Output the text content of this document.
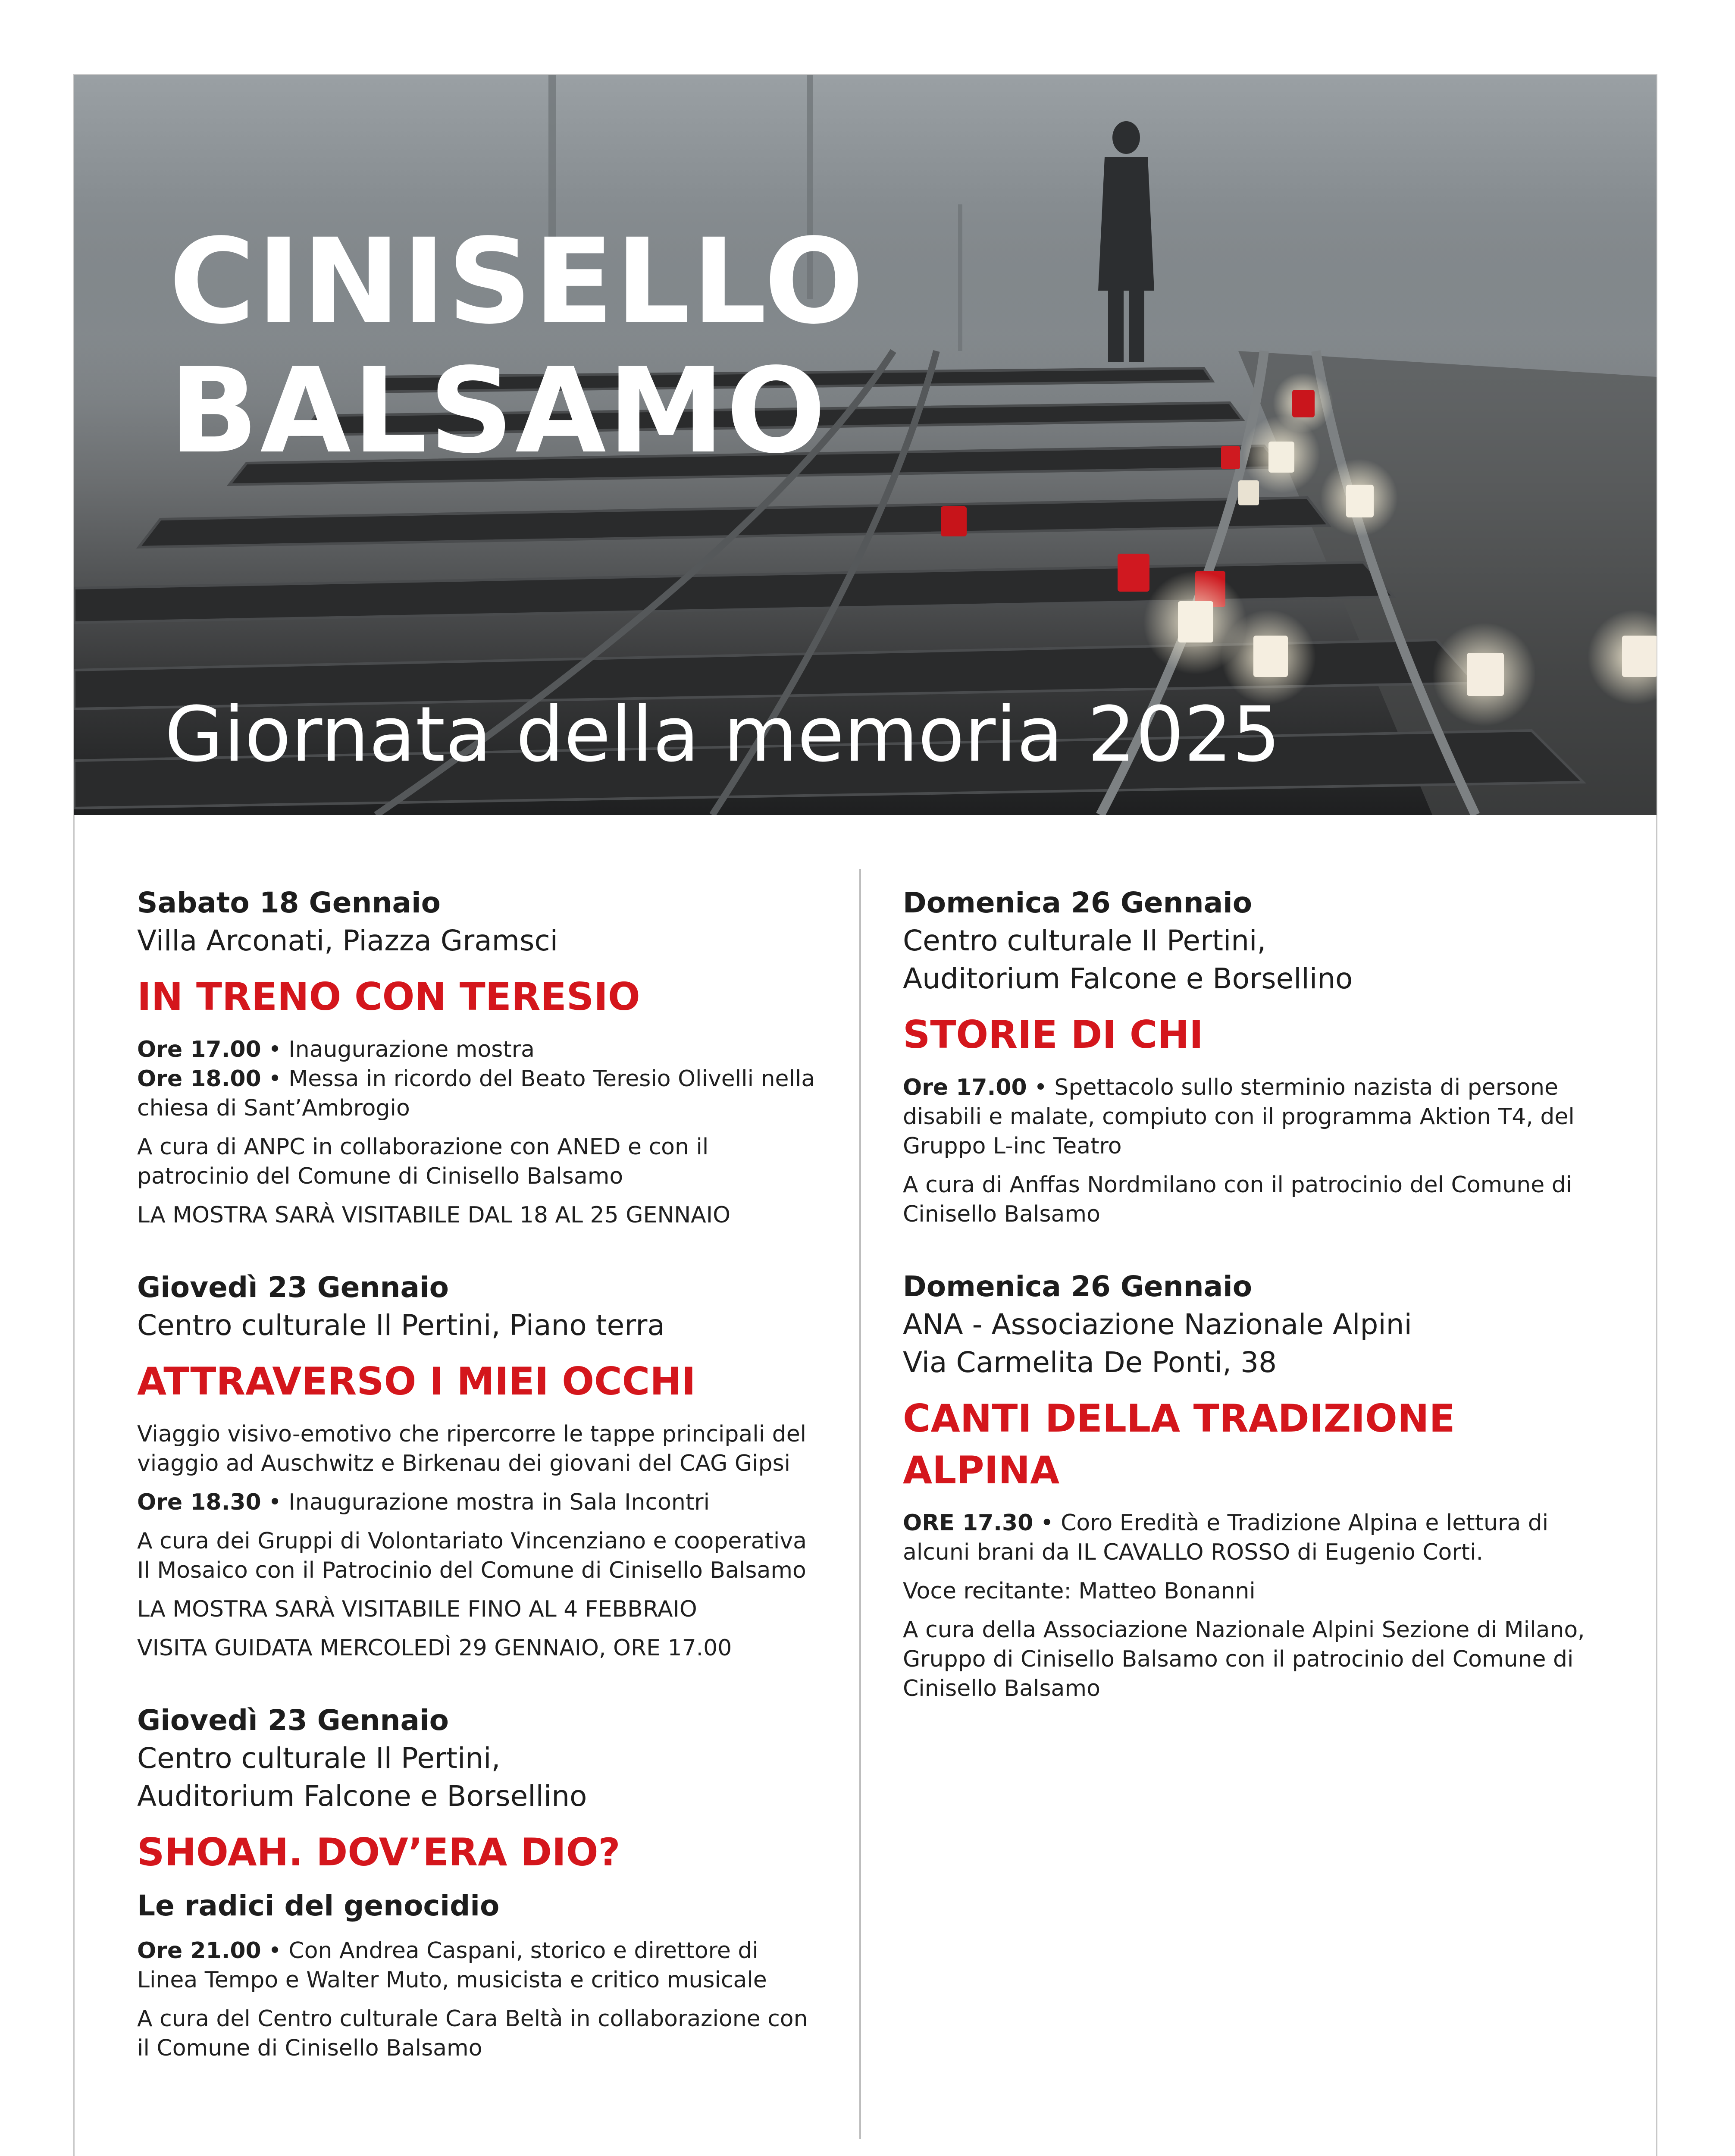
CINISELLO
BALSAMO
Giornata della memoria 2025
Sabato 18 Gennaio
Villa Arconati, Piazza Gramsci
IN TRENO CON TERESIO
Ore 17.00 • Inaugurazione mostra
Ore 18.00 • Messa in ricordo del Beato Teresio Olivelli nella chiesa di Sant’Ambrogio
A cura di ANPC in collaborazione con ANED e con il patrocinio del Comune di Cinisello Balsamo
LA MOSTRA SARÀ VISITABILE DAL 18 AL 25 GENNAIO
Giovedì 23 Gennaio
Centro culturale Il Pertini, Piano terra
ATTRAVERSO I MIEI OCCHI
Viaggio visivo-emotivo che ripercorre le tappe principali del viaggio ad Auschwitz e Birkenau dei giovani del CAG Gipsi
Ore 18.30 • Inaugurazione mostra in Sala Incontri
A cura dei Gruppi di Volontariato Vincenziano e cooperativa Il Mosaico con il Patrocinio del Comune di Cinisello Balsamo
LA MOSTRA SARÀ VISITABILE FINO AL 4 FEBBRAIO
VISITA GUIDATA MERCOLEDÌ 29 GENNAIO, ORE 17.00
Giovedì 23 Gennaio
Centro culturale Il Pertini,
Auditorium Falcone e Borsellino
SHOAH. DOV’ERA DIO?
Le radici del genocidio
Ore 21.00 • Con Andrea Caspani, storico e direttore di Linea Tempo e Walter Muto, musicista e critico musicale
A cura del Centro culturale Cara Beltà in collaborazione con il Comune di Cinisello Balsamo
Domenica 26 Gennaio
Centro culturale Il Pertini,
Auditorium Falcone e Borsellino
STORIE DI CHI
Ore 17.00 • Spettacolo sullo sterminio nazista di persone disabili e malate, compiuto con il programma Aktion T4, del Gruppo L-inc Teatro
A cura di Anffas Nordmilano con il patrocinio del Comune di Cinisello Balsamo
Domenica 26 Gennaio
ANA - Associazione Nazionale Alpini
Via Carmelita De Ponti, 38
CANTI DELLA TRADIZIONE ALPINA
ORE 17.30 • Coro Eredità e Tradizione Alpina e lettura di alcuni brani da IL CAVALLO ROSSO di Eugenio Corti.
Voce recitante: Matteo Bonanni
A cura della Associazione Nazionale Alpini Sezione di Milano, Gruppo di Cinisello Balsamo con il patrocinio del Comune di Cinisello Balsamo
